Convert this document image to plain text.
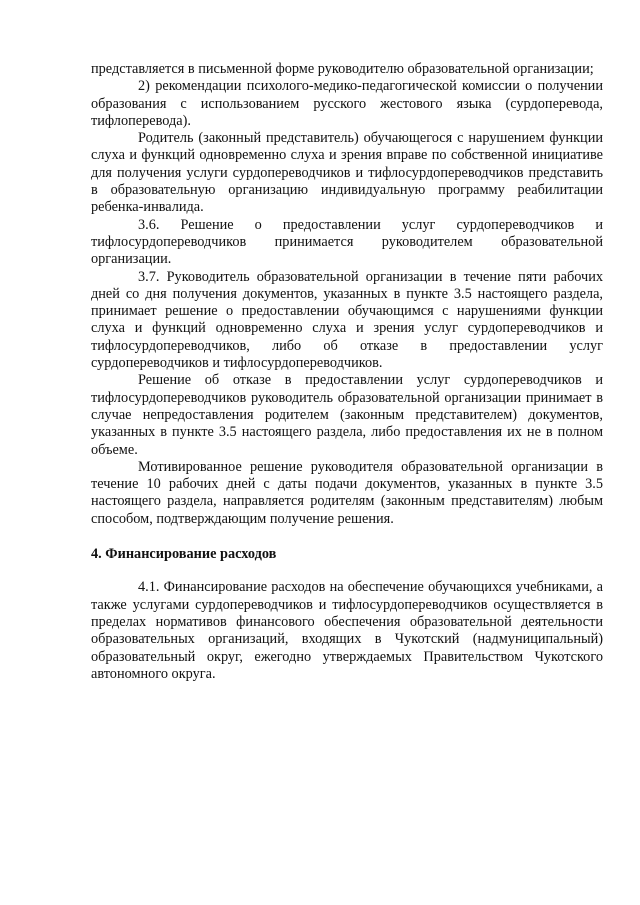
представляется в письменной форме руководителю образовательной организации;

2) рекомендации психолого-медико-педагогической комиссии о получении образования с использованием русского жестового языка (сурдоперевода, тифлоперевода).

Родитель (законный представитель) обучающегося с нарушением функции слуха и функций одновременно слуха и зрения вправе по собственной инициативе для получения услуги сурдопереводчиков и тифлосурдопереводчиков представить в образовательную организацию индивидуальную программу реабилитации ребенка-инвалида.

3.6. Решение о предоставлении услуг сурдопереводчиков и тифлосурдопереводчиков принимается руководителем образовательной организации.

3.7. Руководитель образовательной организации в течение пяти рабочих дней со дня получения документов, указанных в пункте 3.5 настоящего раздела, принимает решение о предоставлении обучающимся с нарушениями функции слуха и функций одновременно слуха и зрения услуг сурдопереводчиков и тифлосурдопереводчиков, либо об отказе в предоставлении услуг сурдопереводчиков и тифлосурдопереводчиков.

Решение об отказе в предоставлении услуг сурдопереводчиков и тифлосурдопереводчиков руководитель образовательной организации принимает в случае непредоставления родителем (законным представителем) документов, указанных в пункте 3.5 настоящего раздела, либо предоставления их не в полном объеме.

Мотивированное решение руководителя образовательной организации в течение 10 рабочих дней с даты подачи документов, указанных в пункте 3.5 настоящего раздела, направляется родителям (законным представителям) любым способом, подтверждающим получение решения.

4. Финансирование расходов

4.1. Финансирование расходов на обеспечение обучающихся учебниками, а также услугами сурдопереводчиков и тифлосурдопереводчиков осуществляется в пределах нормативов финансового обеспечения образовательной деятельности образовательных организаций, входящих в Чукотский (надмуниципальный) образовательный округ, ежегодно утверждаемых Правительством Чукотского автономного округа.
